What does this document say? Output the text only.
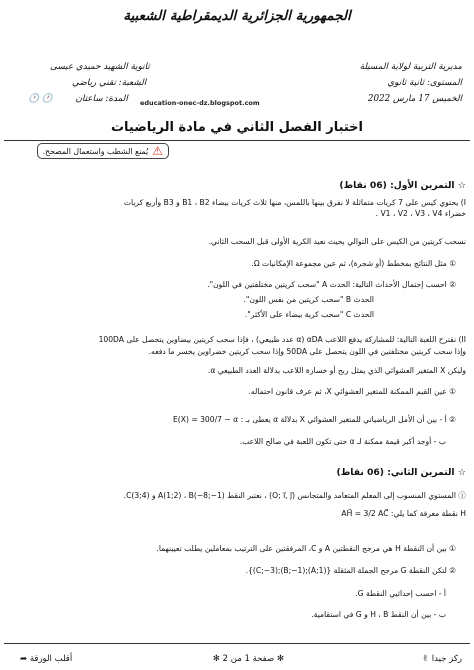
الجمهورية الجزائرية الديمقراطية الشعبية
مديرية التربية لولاية المسيلة
المستوى: ثانية ثانوي
الخميس 17 مارس 2022
ثانوية الشهيد حميدي عيسى
الشعبة: تقني رياضي
🕐 🕐	المدة: ساعتان education-onec-dz.blogspot.com
اختبار الفصل الثاني في مادة الرياضيات
⚠
يُمنع الشطب واستعمال المصحح.
☆ التمرين الأول: (06 نقاط)
I) يحتوي كيس على 7 كريات متماثلة لا نفرق بينها باللمس، منها ثلاث كريات بيضاء B1 ، B2 و B3 وأربع كريات
خضراء V1 ، V2 ، V3 ، V4 .
نسحب كريتين من الكيس على التوالي بحيث نعيد الكرية الأولى قبل السحب الثاني.
① مثل النتائج بمخطط (أو شجرة)، ثم عين مجموعة الإمكانيات Ω.
② احسب إحتمال الأحداث التالية: الحدث A "سحب كريتين مختلفتين في اللون".
الحدث B "سحب كريتين من نفس اللون".
الحدث C "سحب كرية بيضاء على الأكثر".
II) نقترح اللعبة التالية: للمشاركة يدفع اللاعب αDA (α عدد طبيعي) ، فإذا سحب كريتين بيضاوين يتحصل على 100DA
وإذا سحب كريتين مختلفتين في اللون يتحصل على 50DA وإذا سحب كريتين خضراوين يخسر ما دفعه.
وليكن X المتغير العشوائي الذي يمثل ربح أو خسارة اللاعب بدلالة العدد الطبيعي α.
① عين القيم الممكنة للمتغير العشوائي X، ثم عرف قانون احتماله.
② أ - بين أن الأمل الرياضياتي للمتغير العشوائي X بدلالة α يعطى بـ : E(X) = 300/7 − α
ب - أوجد أكبر قيمة ممكنة لـ α حتى تكون اللعبة في صالح اللاعب.
☆ التمرين الثاني: (06 نقاط)
ⓘ المستوي المنسوب إلى المعلم المتعامد والمتجانس (O; i⃗, j⃗) ، نعتبر النقط A(1;2) ، B(−8;−1) و C(3;4).
H نقطة معرفة كما يلي: AH⃗ = 3/2 AC⃗
① بين أن النقطة H هي مرجح النقطتين A و C، المرفقتين على الترتيب بمعاملين يطلب تعيينهما.
② لتكن النقطة G مرجح الجملة المثقلة {(A;1);(B;−1);(C;−3)}.
أ - احسب إحداثيي النقطة G.
ب - بين أن النقط H ، B و G في استقامية.
ركز جيدا ✌
✻ صفحة 1 من 2 ✻
أقلب الورقة ➦
